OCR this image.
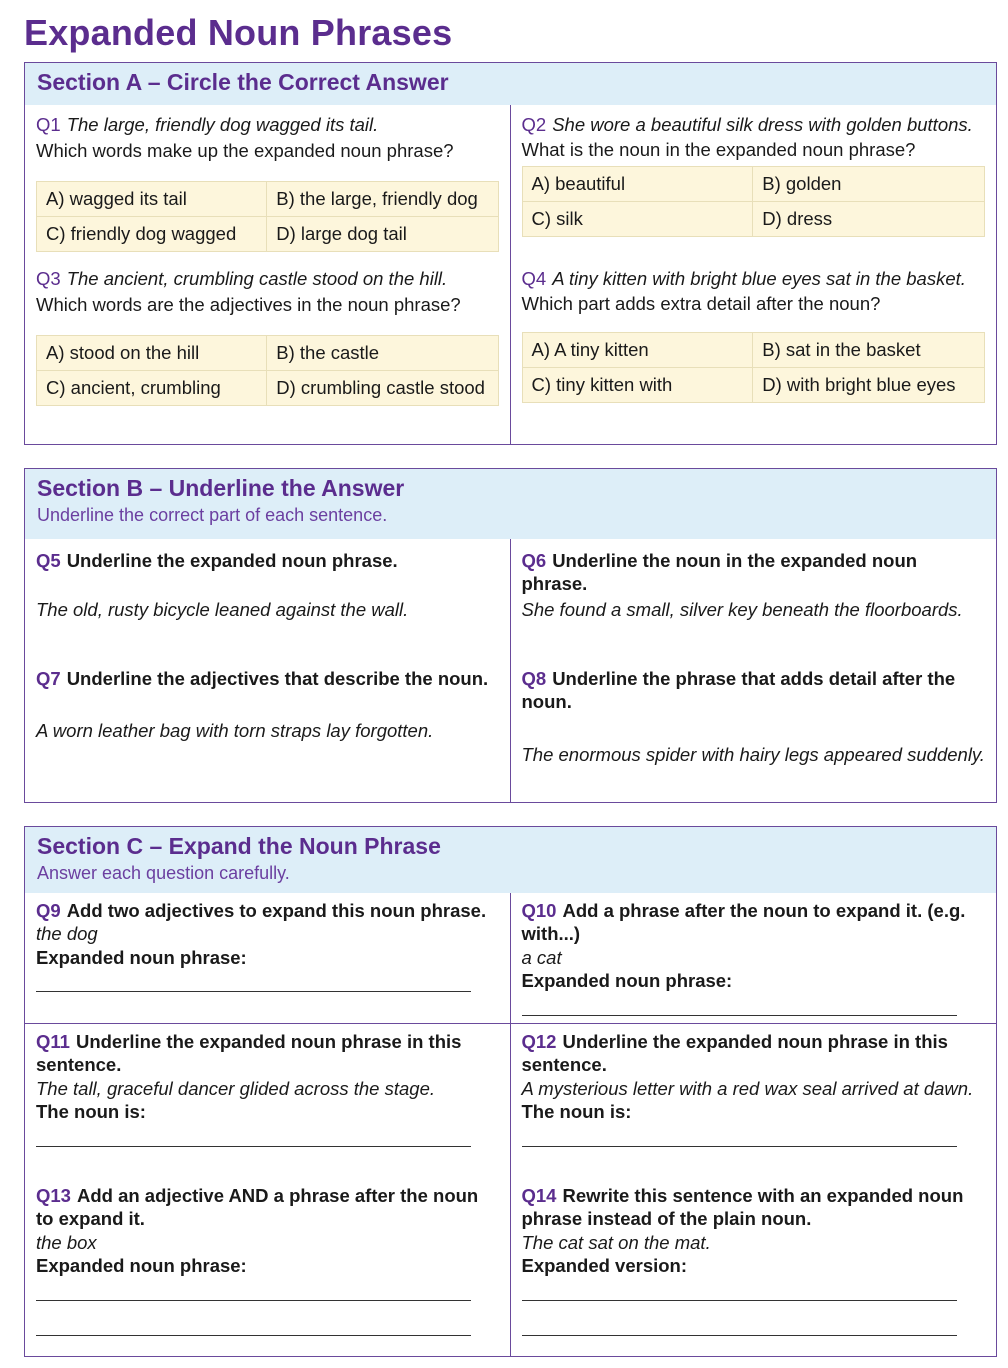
Expanded Noun Phrases
Section A – Circle the Correct Answer
Q1 The large, friendly dog wagged its tail.
Which words make up the expanded noun phrase?
A) wagged its tail	B) the large, friendly dog
C) friendly dog wagged	D) large dog tail
Q2 She wore a beautiful silk dress with golden buttons.
What is the noun in the expanded noun phrase?
A) beautiful	B) golden
C) silk	D) dress
Q3 The ancient, crumbling castle stood on the hill.
Which words are the adjectives in the noun phrase?
A) stood on the hill	B) the castle
C) ancient, crumbling	D) crumbling castle stood
Q4 A tiny kitten with bright blue eyes sat in the basket.
Which part adds extra detail after the noun?
A) A tiny kitten	B) sat in the basket
C) tiny kitten with	D) with bright blue eyes
Section B – Underline the Answer
Underline the correct part of each sentence.
Q5 Underline the expanded noun phrase.
The old, rusty bicycle leaned against the wall.
Q6 Underline the noun in the expanded noun phrase.
She found a small, silver key beneath the floorboards.
Q7 Underline the adjectives that describe the noun.
A worn leather bag with torn straps lay forgotten.
Q8 Underline the phrase that adds detail after the noun.
The enormous spider with hairy legs appeared suddenly.
Section C – Expand the Noun Phrase
Answer each question carefully.
Q9 Add two adjectives to expand this noun phrase.
the dog
Expanded noun phrase:
Q10 Add a phrase after the noun to expand it. (e.g. with...)
a cat
Expanded noun phrase:
Q11 Underline the expanded noun phrase in this sentence.
The tall, graceful dancer glided across the stage.
The noun is:
Q12 Underline the expanded noun phrase in this sentence.
A mysterious letter with a red wax seal arrived at dawn.
The noun is:
Q13 Add an adjective AND a phrase after the noun to expand it.
the box
Expanded noun phrase:
Q14 Rewrite this sentence with an expanded noun phrase instead of the plain noun.
The cat sat on the mat.
Expanded version:
